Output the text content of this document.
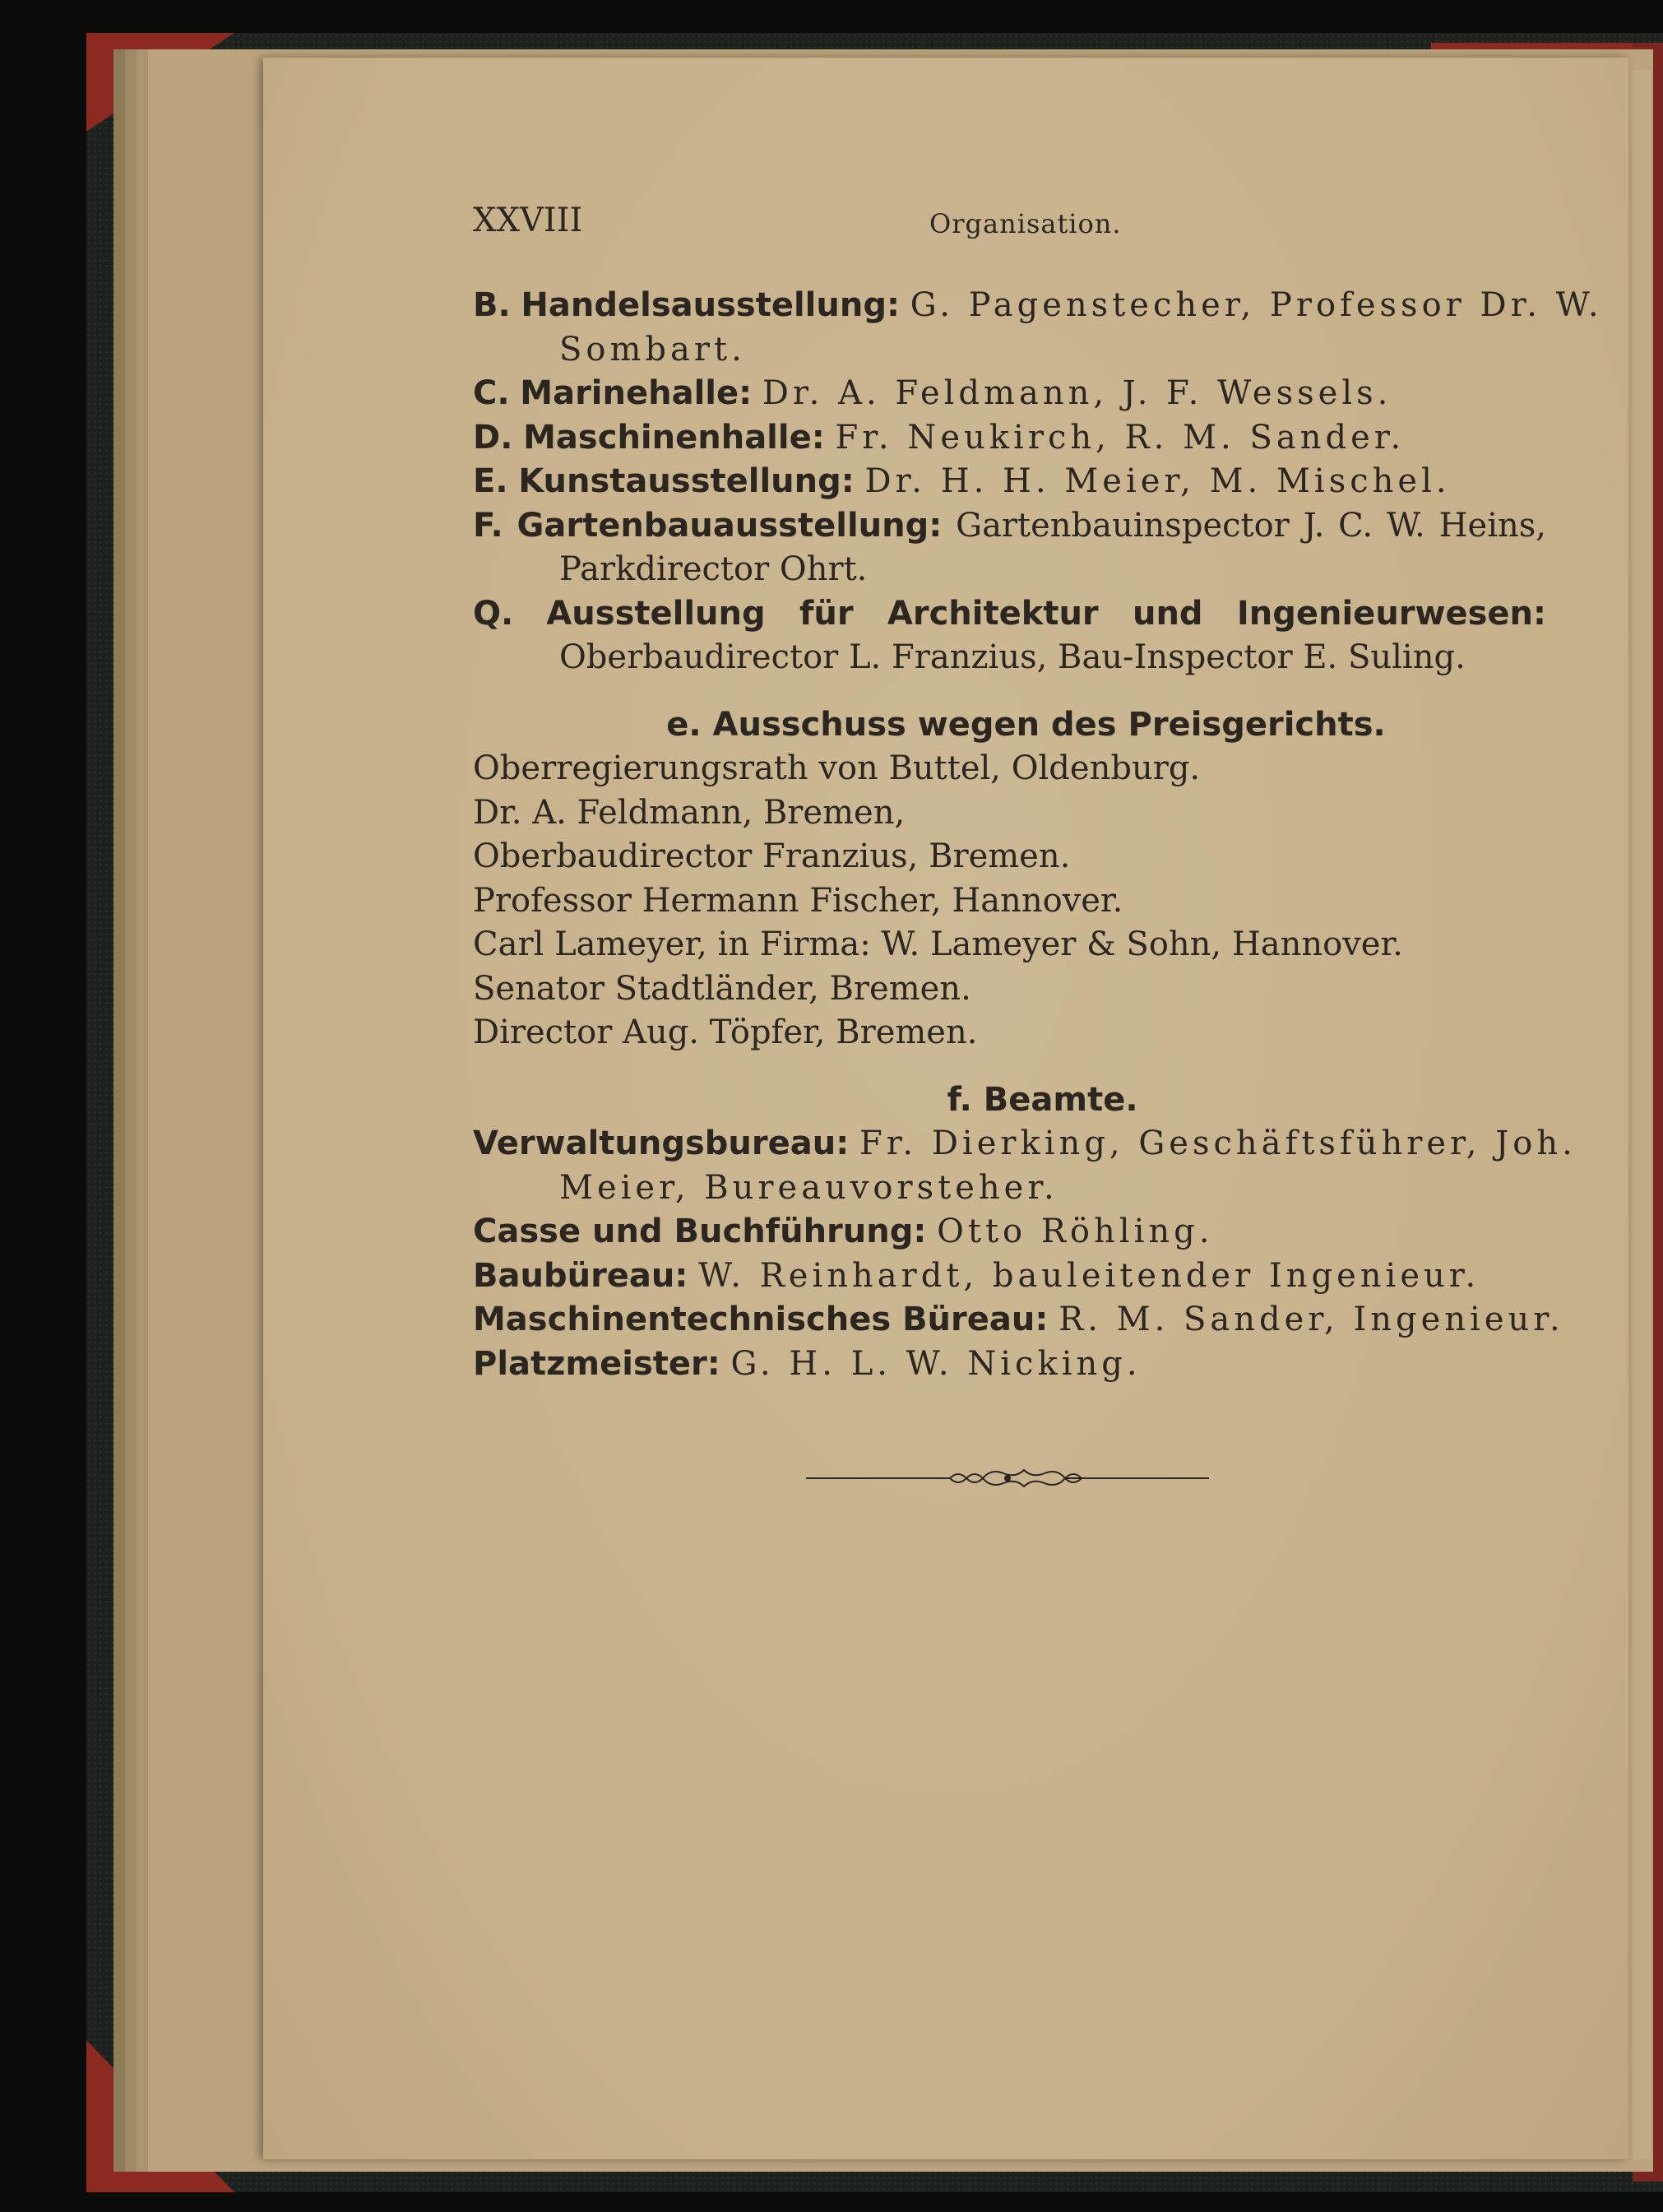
XXVIII	Organisation.
B. Handelsausstellung: G. Pagenstecher, Professor Dr. W.
Sombart.
C. Marinehalle: Dr. A. Feldmann, J. F. Wessels.
D. Maschinenhalle: Fr. Neukirch, R. M. Sander.
E. Kunstausstellung: Dr. H. H. Meier, M. Mischel.
F. Gartenbauausstellung: Gartenbauinspector J. C. W. Heins,
Parkdirector Ohrt.
Q. Ausstellung für Architektur und Ingenieurwesen:
Oberbaudirector L. Franzius, Bau-Inspector E. Suling.
e. Ausschuss wegen des Preisgerichts.
Oberregierungsrath von Buttel, Oldenburg.
Dr. A. Feldmann, Bremen,
Oberbaudirector Franzius, Bremen.
Professor Hermann Fischer, Hannover.
Carl Lameyer, in Firma: W. Lameyer & Sohn, Hannover.
Senator Stadtländer, Bremen.
Director Aug. Töpfer, Bremen.
f. Beamte.
Verwaltungsbureau: Fr. Dierking, Geschäftsführer, Joh.
Meier, Bureauvorsteher.
Casse und Buchführung: Otto Röhling.
Baubüreau: W. Reinhardt, bauleitender Ingenieur.
Maschinentechnisches Büreau: R. M. Sander, Ingenieur.
Platzmeister: G. H. L. W. Nicking.
